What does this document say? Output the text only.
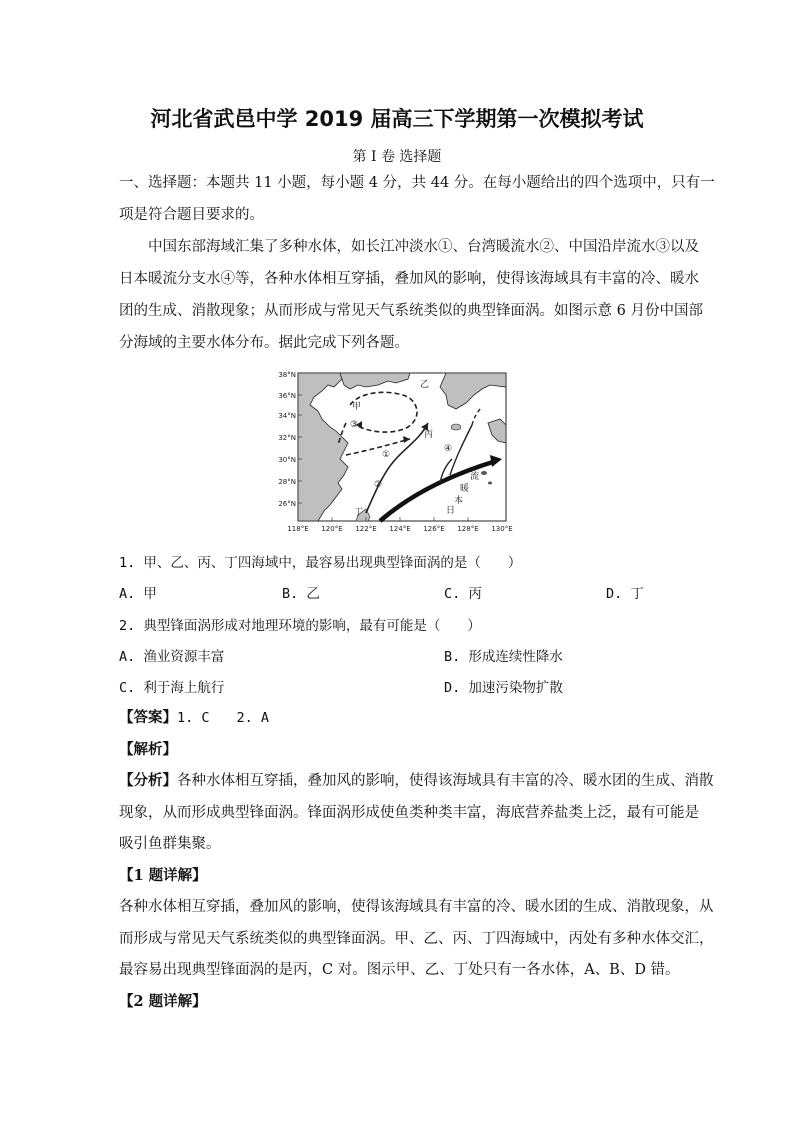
河北省武邑中学 2019 届高三下学期第一次模拟考试
第 I 卷 选择题
一、选择题：本题共 11 小题，每小题 4 分，共 44 分。在每小题给出的四个选项中，只有一
项是符合题目要求的。
中国东部海域汇集了多种水体，如长江冲淡水①、台湾暖流水②、中国沿岸流水③以及
日本暖流分支水④等，各种水体相互穿插，叠加风的影响，使得该海域具有丰富的冷、暖水
团的生成、消散现象；从而形成与常见天气系统类似的典型锋面涡。如图示意 6 月份中国部
分海域的主要水体分布。据此完成下列各题。
38°N
36°N
34°N
32°N
30°N
28°N
26°N
118°E 120°E 122°E 124°E 126°E 128°E 130°E
甲
乙
丙
丁
③
①
②
④
日
本
暖
流
1. 甲、乙、丙、丁四海域中，最容易出现典型锋面涡的是（　　）
A. 甲	B. 乙	C. 丙	D. 丁
2. 典型锋面涡形成对地理环境的影响，最有可能是（　　）
A. 渔业资源丰富	B. 形成连续性降水
C. 利于海上航行	D. 加速污染物扩散
【答案】1. C　　2. A
【解析】
【分析】各种水体相互穿插，叠加风的影响，使得该海域具有丰富的冷、暖水团的生成、消散
现象，从而形成典型锋面涡。锋面涡形成使鱼类种类丰富，海底营养盐类上泛，最有可能是
吸引鱼群集聚。
【1 题详解】
各种水体相互穿插，叠加风的影响，使得该海域具有丰富的冷、暖水团的生成、消散现象，从
而形成与常见天气系统类似的典型锋面涡。甲、乙、丙、丁四海域中，丙处有多种水体交汇，
最容易出现典型锋面涡的是丙，C 对。图示甲、乙、丁处只有一各水体，A、B、D 错。
【2 题详解】
